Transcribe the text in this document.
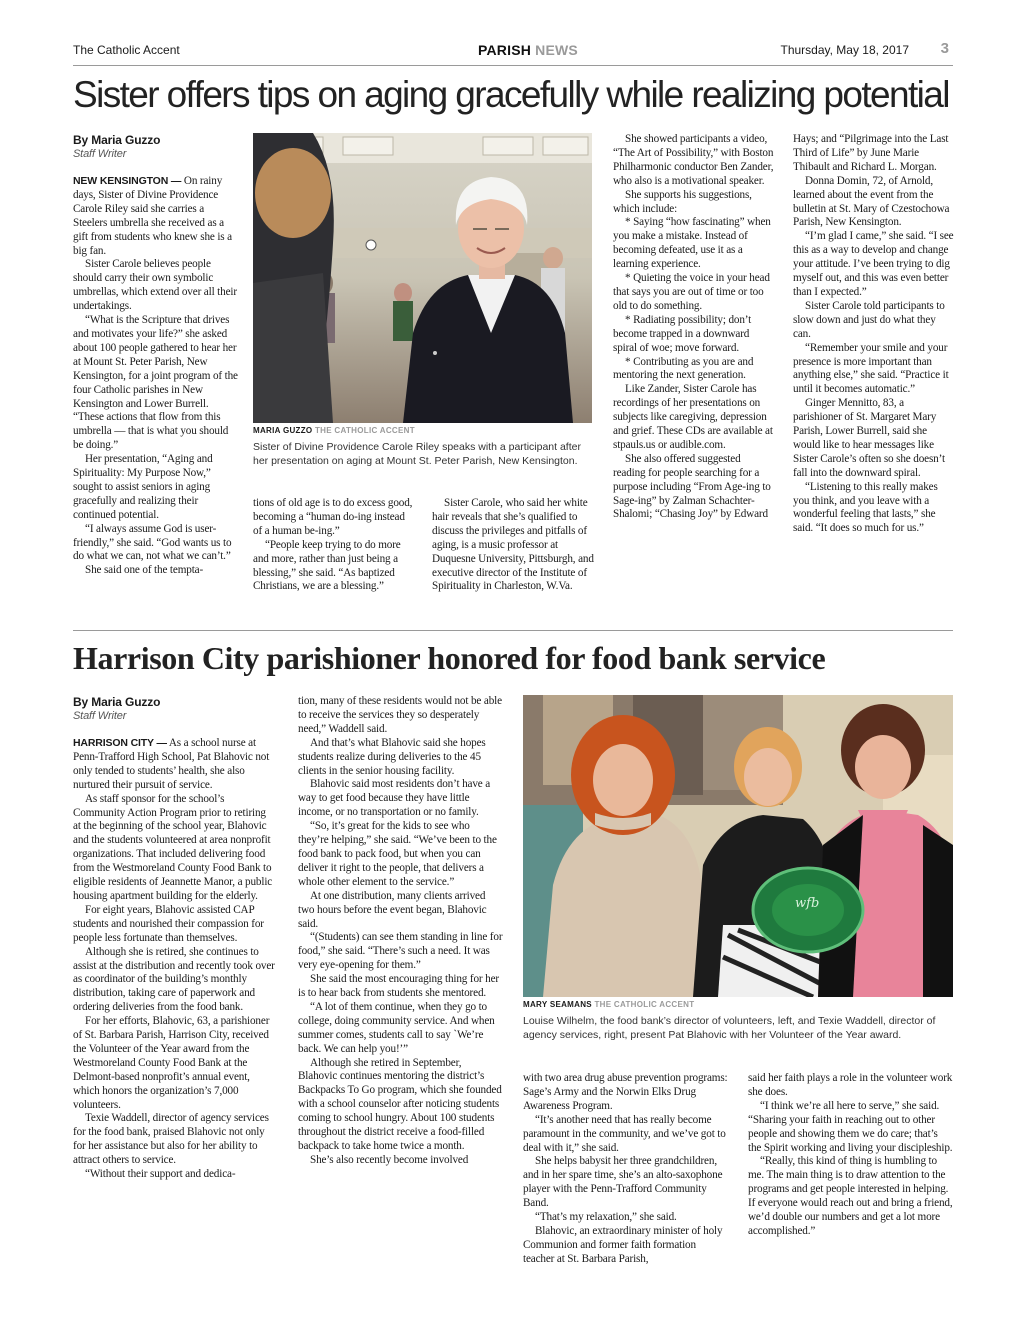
The Catholic Accent	PARISH NEWS	Thursday, May 18, 2017 3
Sister offers tips on aging gracefully while realizing potential
By Maria Guzzo
Staff Writer

NEW KENSINGTON — On rainy days, Sister of Divine Providence Carole Riley said she carries a Steelers umbrella she received as a gift from students who knew she is a big fan.

Sister Carole believes people should carry their own symbolic umbrellas, which extend over all their undertakings.

“What is the Scripture that drives and motivates your life?” she asked about 100 people gathered to hear her at Mount St. Peter Parish, New Kensington, for a joint program of the four Catholic parishes in New Kensington and Lower Burrell. “These actions that flow from this umbrella — that is what you should be doing.”

Her presentation, “Aging and Spirituality: My Purpose Now,” sought to assist seniors in aging gracefully and realizing their continued potential.

“I always assume God is user-friendly,” she said. “God wants us to do what we can, not what we can’t.”

She said one of the tempta-

MARIA GUZZO THE CATHOLIC ACCENT
Sister of Divine Providence Carole Riley speaks with a participant after her presentation on aging at Mount St. Peter Parish, New Kensington.

tions of old age is to do excess good, becoming a “human do-ing instead of a human be-ing.”

“People keep trying to do more and more, rather than just being a blessing,” she said. “As baptized Christians, we are a blessing.”

Sister Carole, who said her white hair reveals that she’s qualified to discuss the privileges and pitfalls of aging, is a music professor at Duquesne University, Pittsburgh, and executive director of the Institute of Spirituality in Charleston, W.Va.

She showed participants a video, “The Art of Possibility,” with Boston Philharmonic conductor Ben Zander, who also is a motivational speaker.

She supports his suggestions, which include:

* Saying “how fascinating” when you make a mistake. Instead of becoming defeated, use it as a learning experience.

* Quieting the voice in your head that says you are out of time or too old to do something.

* Radiating possibility; don’t become trapped in a downward spiral of woe; move forward.

* Contributing as you are and mentoring the next generation.

Like Zander, Sister Carole has recordings of her presentations on subjects like caregiving, depression and grief. These CDs are available at stpauls.us or audible.com.

She also offered suggested reading for people searching for a purpose including “From Age-ing to Sage-ing” by Zalman Schachter-Shalomi; “Chasing Joy” by Edward

Hays; and “Pilgrimage into the Last Third of Life” by June Marie Thibault and Richard L. Morgan.

Donna Domin, 72, of Arnold, learned about the event from the bulletin at St. Mary of Czestochowa Parish, New Kensington.

“I’m glad I came,” she said. “I see this as a way to develop and change your attitude. I’ve been trying to dig myself out, and this was even better than I expected.”

Sister Carole told participants to slow down and just do what they can.

“Remember your smile and your presence is more important than anything else,” she said. “Practice it until it becomes automatic.”

Ginger Mennitto, 83, a parishioner of St. Margaret Mary Parish, Lower Burrell, said she would like to hear messages like Sister Carole’s often so she doesn’t fall into the downward spiral.

“Listening to this really makes you think, and you leave with a wonderful feeling that lasts,” she said. “It does so much for us.”

Harrison City parishioner honored for food bank service
By Maria Guzzo
Staff Writer

HARRISON CITY — As a school nurse at Penn-Trafford High School, Pat Blahovic not only tended to students’ health, she also nurtured their pursuit of service.

As staff sponsor for the school’s Community Action Program prior to retiring at the beginning of the school year, Blahovic and the students volunteered at area nonprofit organizations. That included delivering food from the Westmoreland County Food Bank to eligible residents of Jeannette Manor, a public housing apartment building for the elderly.

For eight years, Blahovic assisted CAP students and nourished their compassion for people less fortunate than themselves.

Although she is retired, she continues to assist at the distribution and recently took over as coordinator of the building’s monthly distribution, taking care of paperwork and ordering deliveries from the food bank.

For her efforts, Blahovic, 63, a parishioner of St. Barbara Parish, Harrison City, received the Volunteer of the Year award from the Westmoreland County Food Bank at the Delmont-based nonprofit’s annual event, which honors the organization’s 7,000 volunteers.

Texie Waddell, director of agency services for the food bank, praised Blahovic not only for her assistance but also for her ability to attract others to service.

“Without their support and dedica-

tion, many of these residents would not be able to receive the services they so desperately need,” Waddell said.

And that’s what Blahovic said she hopes students realize during deliveries to the 45 clients in the senior housing facility.

Blahovic said most residents don’t have a way to get food because they have little income, or no transportation or no family.

“So, it’s great for the kids to see who they’re helping,” she said. “We’ve been to the food bank to pack food, but when you can deliver it right to the people, that delivers a whole other element to the service.”

At one distribution, many clients arrived two hours before the event began, Blahovic said.

“(Students) can see them standing in line for food,” she said. “There’s such a need. It was very eye-opening for them.”

She said the most encouraging thing for her is to hear back from students she mentored.

“A lot of them continue, when they go to college, doing community service. And when summer comes, students call to say `We’re back. We can help you!’”

Although she retired in September, Blahovic continues mentoring the district’s Backpacks To Go program, which she founded with a school counselor after noticing students coming to school hungry. About 100 students throughout the district receive a food-filled backpack to take home twice a month.

She’s also recently become involved

wfb
MARY SEAMANS THE CATHOLIC ACCENT
Louise Wilhelm, the food bank’s director of volunteers, left, and Texie Waddell, director of agency services, right, present Pat Blahovic with her Volunteer of the Year award.

with two area drug abuse prevention programs: Sage’s Army and the Norwin Elks Drug Awareness Program.

“It’s another need that has really become paramount in the community, and we’ve got to deal with it,” she said.

She helps babysit her three grandchildren, and in her spare time, she’s an alto-saxophone player with the Penn-Trafford Community Band.

“That’s my relaxation,” she said.

Blahovic, an extraordinary minister of holy Communion and former faith formation teacher at St. Barbara Parish,

said her faith plays a role in the volunteer work she does.

“I think we’re all here to serve,” she said. “Sharing your faith in reaching out to other people and showing them we do care; that’s the Spirit working and living your discipleship.

“Really, this kind of thing is humbling to me. The main thing is to draw attention to the programs and get people interested in helping. If everyone would reach out and bring a friend, we’d double our numbers and get a lot more accomplished.”
